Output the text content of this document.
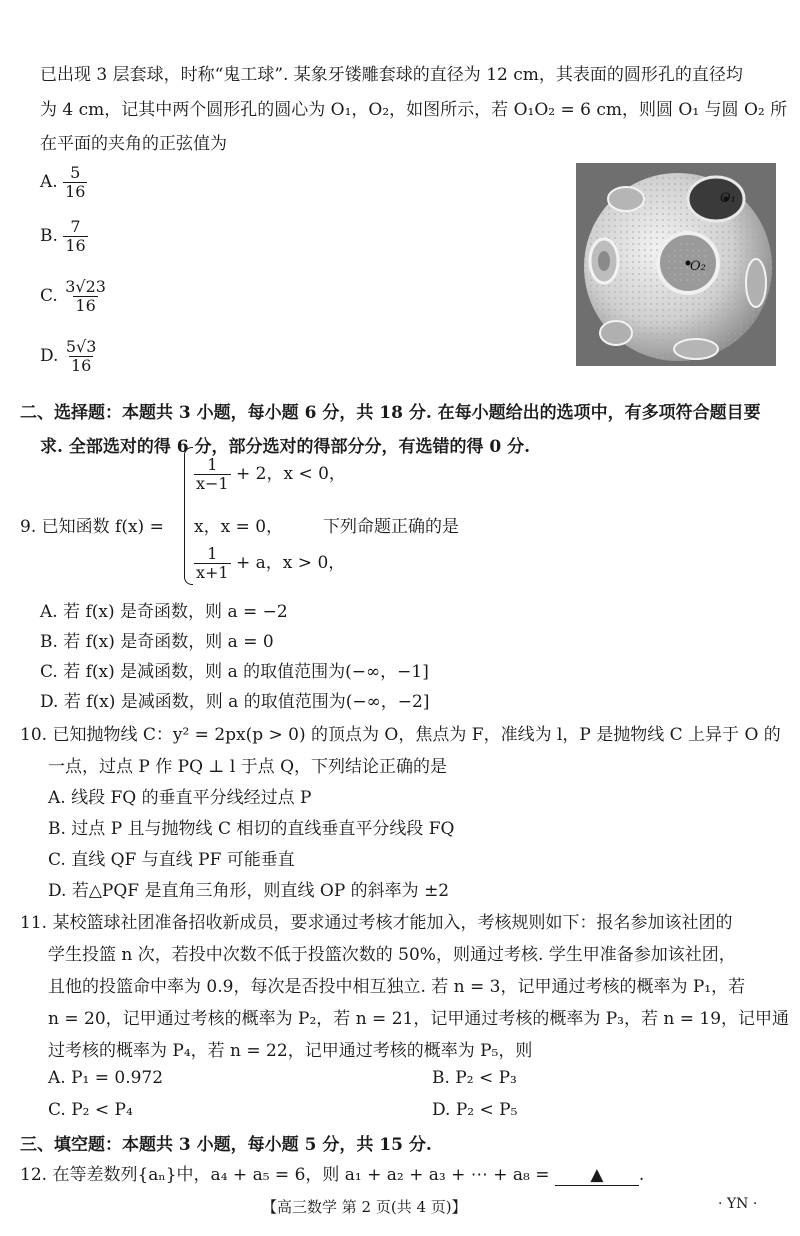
已出现 3 层套球，时称“鬼工球”. 某象牙镂雕套球的直径为 12 cm，其表面的圆形孔的直径均
为 4 cm，记其中两个圆形孔的圆心为 O₁，O₂，如图所示，若 O₁O₂ = 6 cm，则圆 O₁ 与圆 O₂ 所
在平面的夹角的正弦值为
A. $\frac{5}{16}$
B. $\frac{7}{16}$
C. $\frac{3√23}{16}$
D. $\frac{5√3}{16}$
O₁
O₂
二、选择题：本题共 3 小题，每小题 6 分，共 18 分. 在每小题给出的选项中，有多项符合题目要
求. 全部选对的得 6 分，部分选对的得部分分，有选错的得 0 分.
9. 已知函数 f(x) =
$\frac{1}{x-1} + 2$，x < 0，
x，x = 0，
$\frac{1}{x+1} + a$，x > 0，
下列命题正确的是
A. 若 f(x) 是奇函数，则 a = −2
B. 若 f(x) 是奇函数，则 a = 0
C. 若 f(x) 是减函数，则 a 的取值范围为(−∞，−1]
D. 若 f(x) 是减函数，则 a 的取值范围为(−∞，−2]
10. 已知抛物线 C：y² = 2px(p > 0) 的顶点为 O，焦点为 F，准线为 l，P 是抛物线 C 上异于 O 的
一点，过点 P 作 PQ ⊥ l 于点 Q，下列结论正确的是
A. 线段 FQ 的垂直平分线经过点 P
B. 过点 P 且与抛物线 C 相切的直线垂直平分线段 FQ
C. 直线 QF 与直线 PF 可能垂直
D. 若△PQF 是直角三角形，则直线 OP 的斜率为 ±2
11. 某校篮球社团准备招收新成员，要求通过考核才能加入，考核规则如下：报名参加该社团的
学生投篮 n 次，若投中次数不低于投篮次数的 50%，则通过考核. 学生甲准备参加该社团，
且他的投篮命中率为 0.9，每次是否投中相互独立. 若 n = 3，记甲通过考核的概率为 P₁，若
n = 20，记甲通过考核的概率为 P₂，若 n = 21，记甲通过考核的概率为 P₃，若 n = 19，记甲通
过考核的概率为 P₄，若 n = 22，记甲通过考核的概率为 P₅，则
A. P₁ = 0.972	B. P₂ < P₃
C. P₂ < P₄	D. P₂ < P₅
三、填空题：本题共 3 小题，每小题 5 分，共 15 分.
12. 在等差数列{aₙ}中，a₄ + a₅ = 6，则 a₁ + a₂ + a₃ + ⋯ + a₈ = ▲ .
【高三数学 第 2 页(共 4 页)】	· YN ·
